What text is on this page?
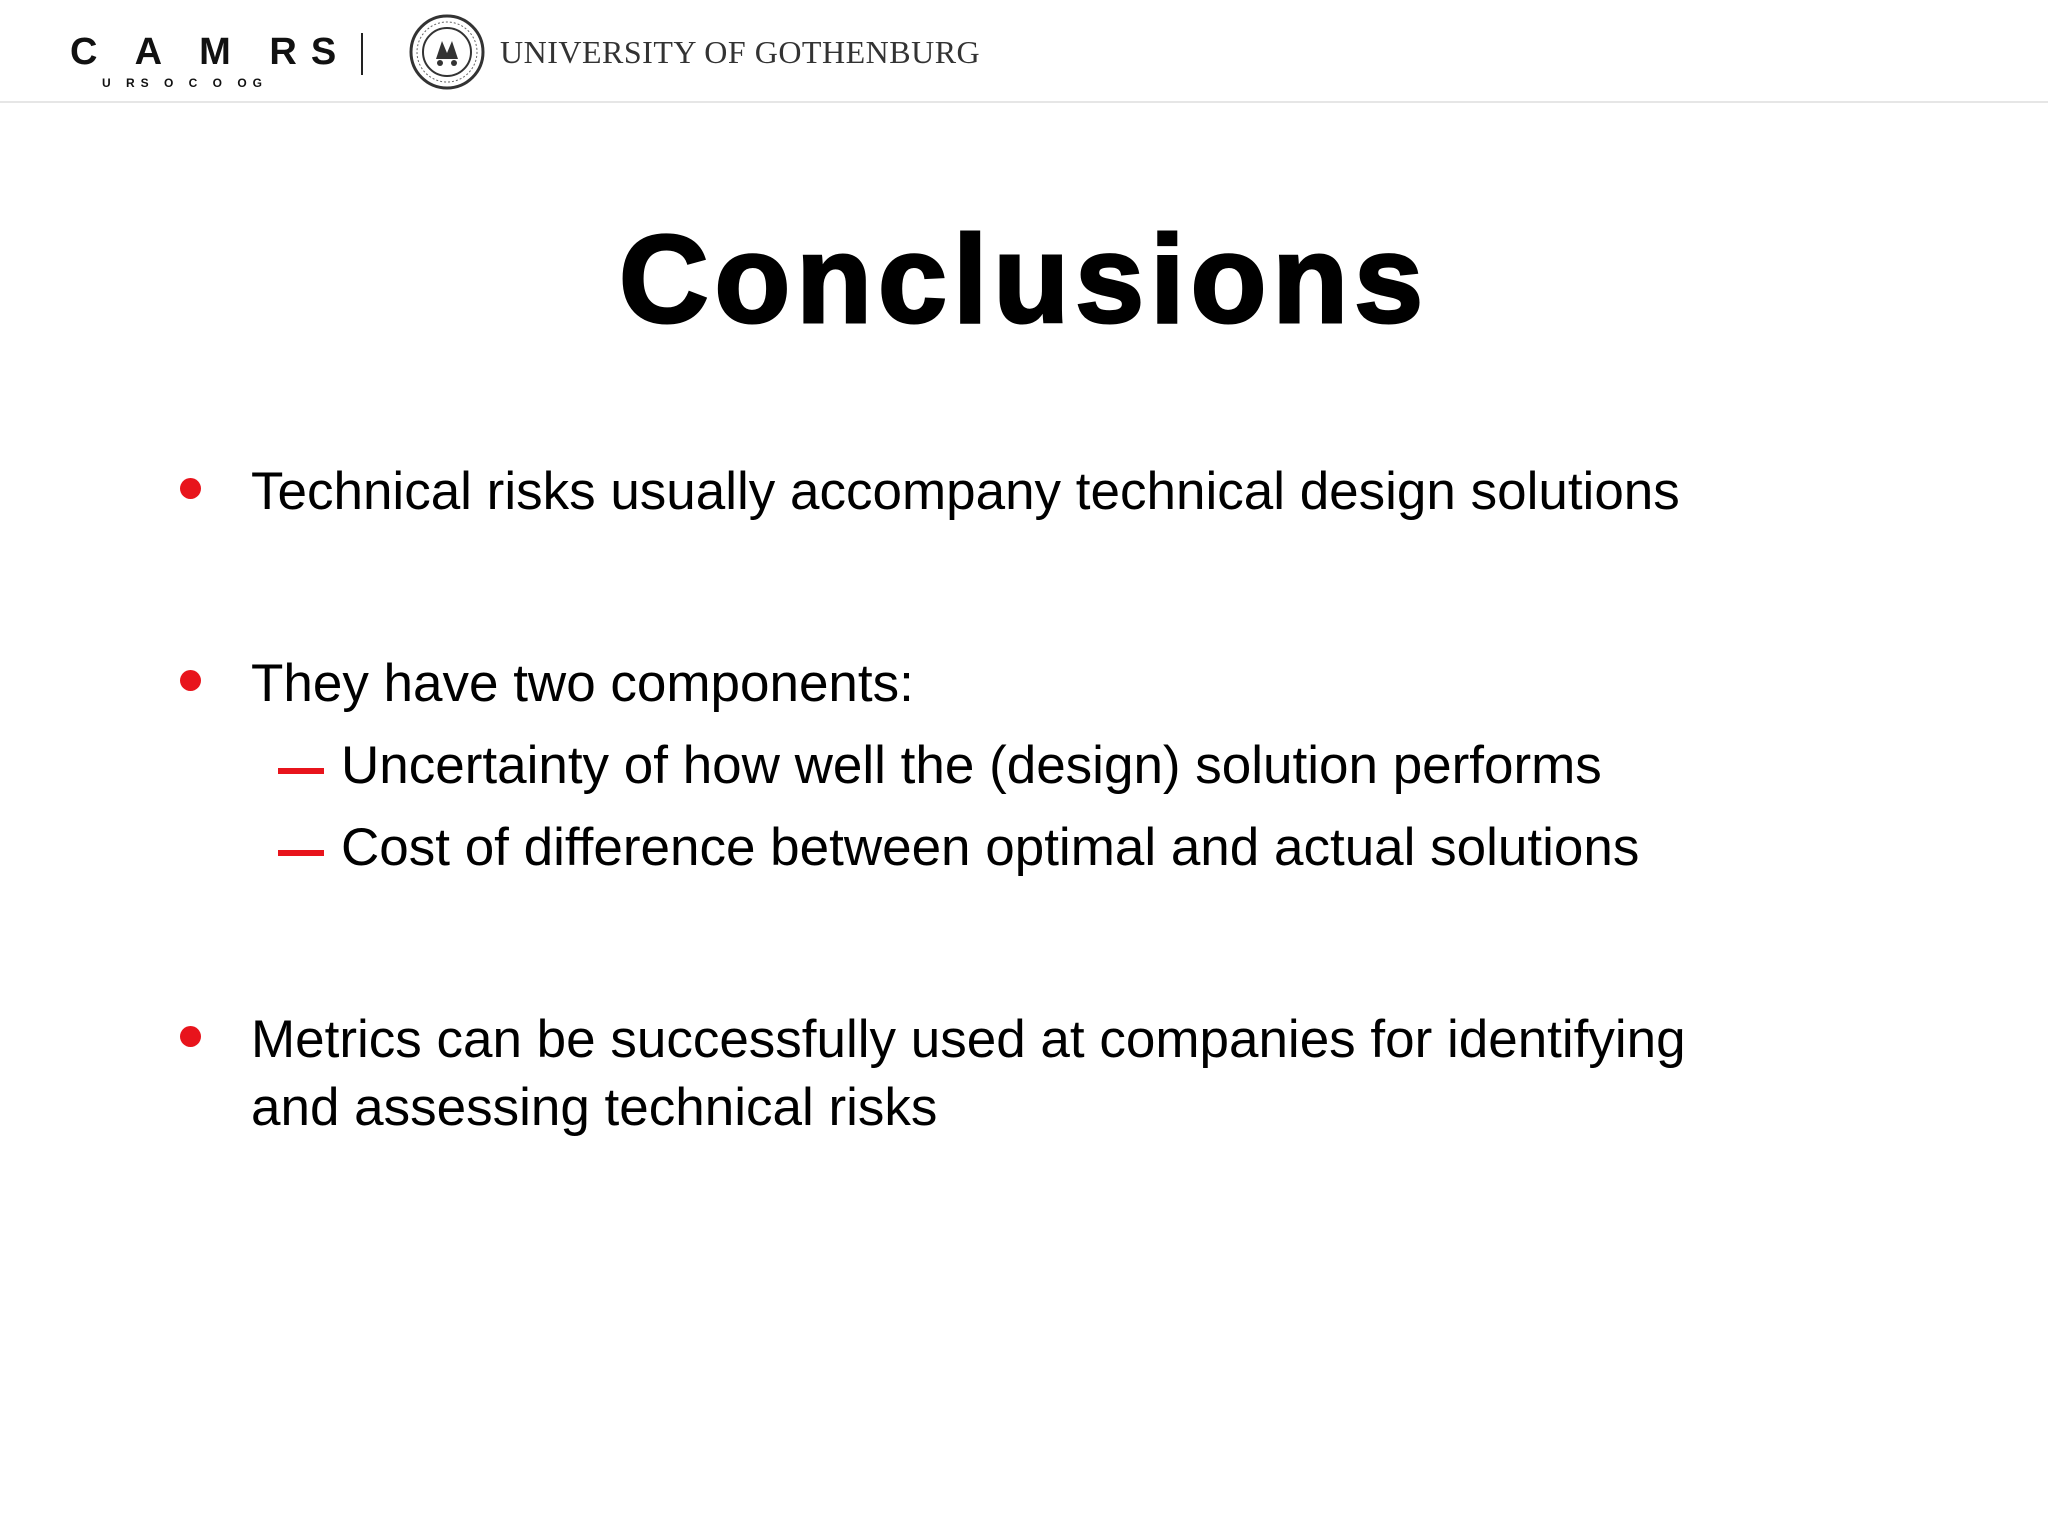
C A M RS
U RS O C O OG
UNIVERSITY OF GOTHENBURG
Conclusions
Technical risks usually accompany technical design solutions
They have two components:
Uncertainty of how well the (design) solution performs
Cost of difference between optimal and actual solutions
Metrics can be successfully used at companies for identifying
and assessing technical risks
